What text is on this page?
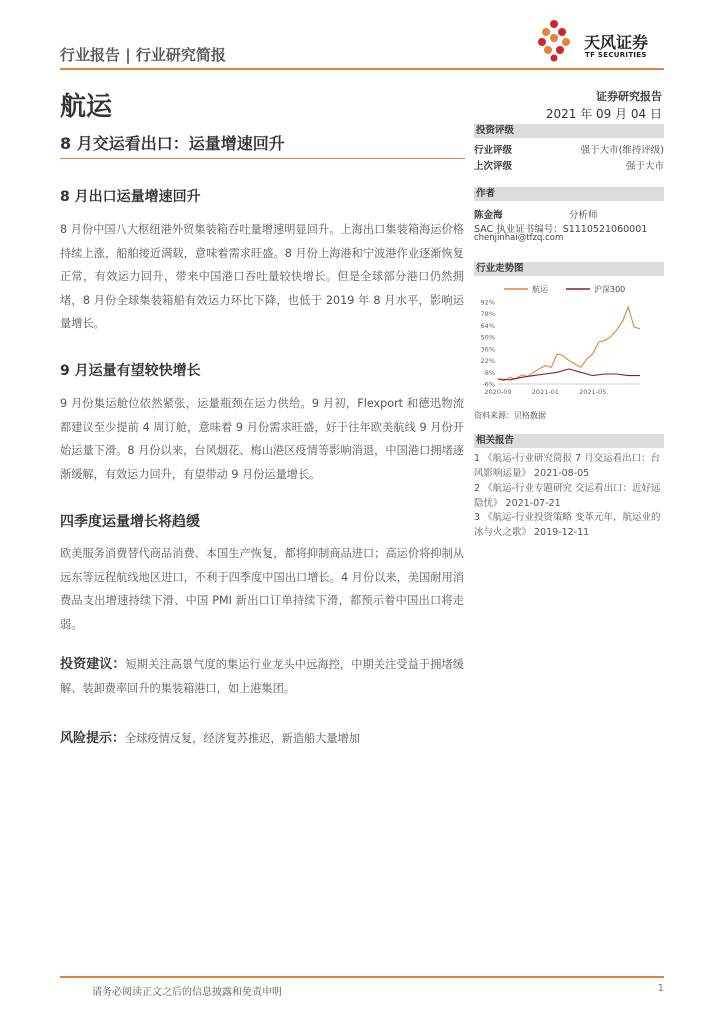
行业报告 | 行业研究简报
天风证券
TF SECURITIES
航运	证券研究报告
2021 年 09 月 04 日
8 月交运看出口：运量增速回升
8 月出口运量增速回升
8 月份中国八大枢纽港外贸集装箱吞吐量增速明显回升。上海出口集装箱海运价格持续上涨，船舶接近满载，意味着需求旺盛。8 月份上海港和宁波港作业逐渐恢复正常，有效运力回升，带来中国港口吞吐量较快增长。但是全球部分港口仍然拥堵，8 月份全球集装箱船有效运力环比下降，也低于 2019 年 8 月水平，影响运量增长。
9 月运量有望较快增长
9 月份集运舱位依然紧张，运量瓶颈在运力供给。9 月初，Flexport 和德迅物流都建议至少提前 4 周订舱，意味着 9 月份需求旺盛，好于往年欧美航线 9 月份开始运量下滑。8 月份以来，台风烟花、梅山港区疫情等影响消退，中国港口拥堵逐渐缓解，有效运力回升，有望带动 9 月份运量增长。
四季度运量增长将趋缓
欧美服务消费替代商品消费、本国生产恢复，都将抑制商品进口；高运价将抑制从远东等远程航线地区进口，不利于四季度中国出口增长。4 月份以来，美国耐用消费品支出增速持续下滑、中国 PMI 新出口订单持续下滑，都预示着中国出口将走弱。
投资建议：短期关注高景气度的集运行业龙头中远海控，中期关注受益于拥堵缓解、装卸费率回升的集装箱港口，如上港集团。
风险提示：全球疫情反复，经济复苏推迟，新造船大量增加
投资评级
行业评级	强于大市(维持评级)
上次评级	强于大市
作者
陈金海	分析师
SAC 执业证书编号：S1110521060001
chenjinhai@tfzq.com
行业走势图
航运	沪深300
92%
78%
64%
50%
36%
22%
8%
-6%
2020-09	2021-01	2021-05
资料来源：贝格数据
相关报告
1 《航运-行业研究简报 7 月交运看出口：台风影响运量》 2021-08-05
2 《航运-行业专题研究 交运看出口：近好远隐忧》 2021-07-21
3 《航运-行业投资策略 变革元年，航运业的冰与火之歌》 2019-12-11
请务必阅读正文之后的信息披露和免责申明	1
